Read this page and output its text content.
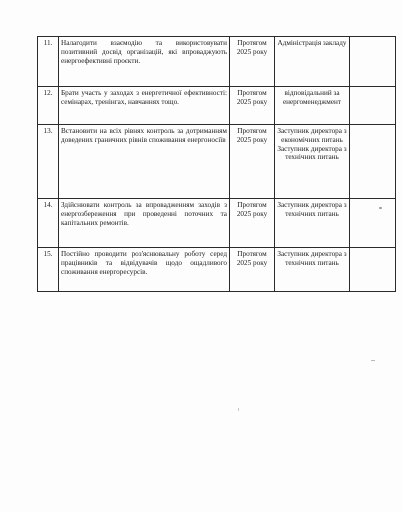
11.	Налагодити взаємодію та використовувати позитивний досвід організацій, які впроваджують енергоефективні проєкти.	Протягом 2025 року	Адміністрація закладу	
12.	Брати участь у заходах з енергетичної ефективності: семінарах, тренінгах, навчаннях тощо.	Протягом 2025 року	відповідальний за енергоменеджмент	
13.	Встановити на всіх рівнях контроль за дотриманням доведених граничних рівнів споживання енергоносіїв	Протягом 2025 року	Заступник директора з економічних питань Заступник директора з технічних питань	
14.	Здійснювати контроль за впровадженням заходів з енергозбереження при проведенні поточних та капітальних ремонтів.	Протягом 2025 року	Заступник директора з технічних питань	
15.	Постійно проводити роз'яснювальну роботу серед працівників та відвідувачів щодо ощадливого споживання енергоресурсів.	Протягом 2025 року	Заступник директора з технічних питань	
